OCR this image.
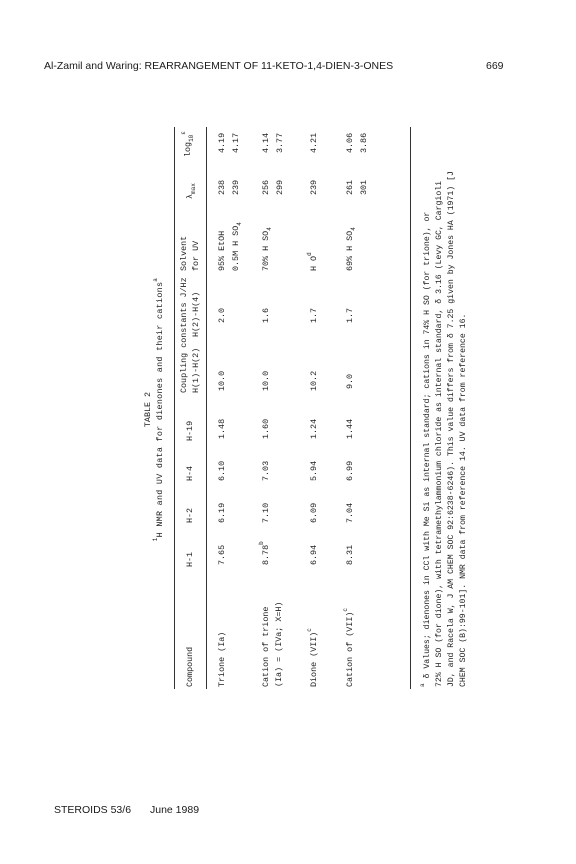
Al-Zamil and Waring: REARRANGEMENT OF 11-KETO-1,4-DIEN-3-ONES	669
TABLE 2
$^1$H NMR and UV data for dienones and their cations$^a$
Compound
H-1
H-2
H-4
H-19
Coupling constants J/Hz
Solvent
$\lambda_{max}$
$\log_{10}^\varepsilon$
H(1)-H(2)
H(2)-H(4)
for UV
Trione (Ia)
7.65
6.19
6.10
1.48
10.0
2.0
95% EtOH 0.5M H $SO_4$
238 239
4.19 4.17
Cation of trione (Ia) = (IVa; X=H)
8.78$^b$
7.10
7.03
1.60
10.0
1.6
70% H $SO_4$
256 299
4.14 3.77
Dione (VII)$^c$
6.94
6.09
5.94
1.24
10.2
1.7
H $O^d$
239
4.21
Cation of (VII)$^c$
8.31
7.04
6.99
1.44
9.0
1.7
69% H $SO_4$
261 301
4.06 3.86
$^a$ δ Values; dienones in CCl with Me Si as internal standard; cations in 74% H SO (for trione), or 72% H SO (for dione), with tetramethylammonium chloride as internal standard, δ 3.16 (Levy GC, Cargioli JD, and Racela W, J AM CHEM SOC 92:6238-6246). This value differs from δ 7.25 given by Jones HA (1971) [J CHEM SOC (B):99-101]. NMR data from reference 14. UV data from reference 16.
STEROIDS 53/6 June 1989
